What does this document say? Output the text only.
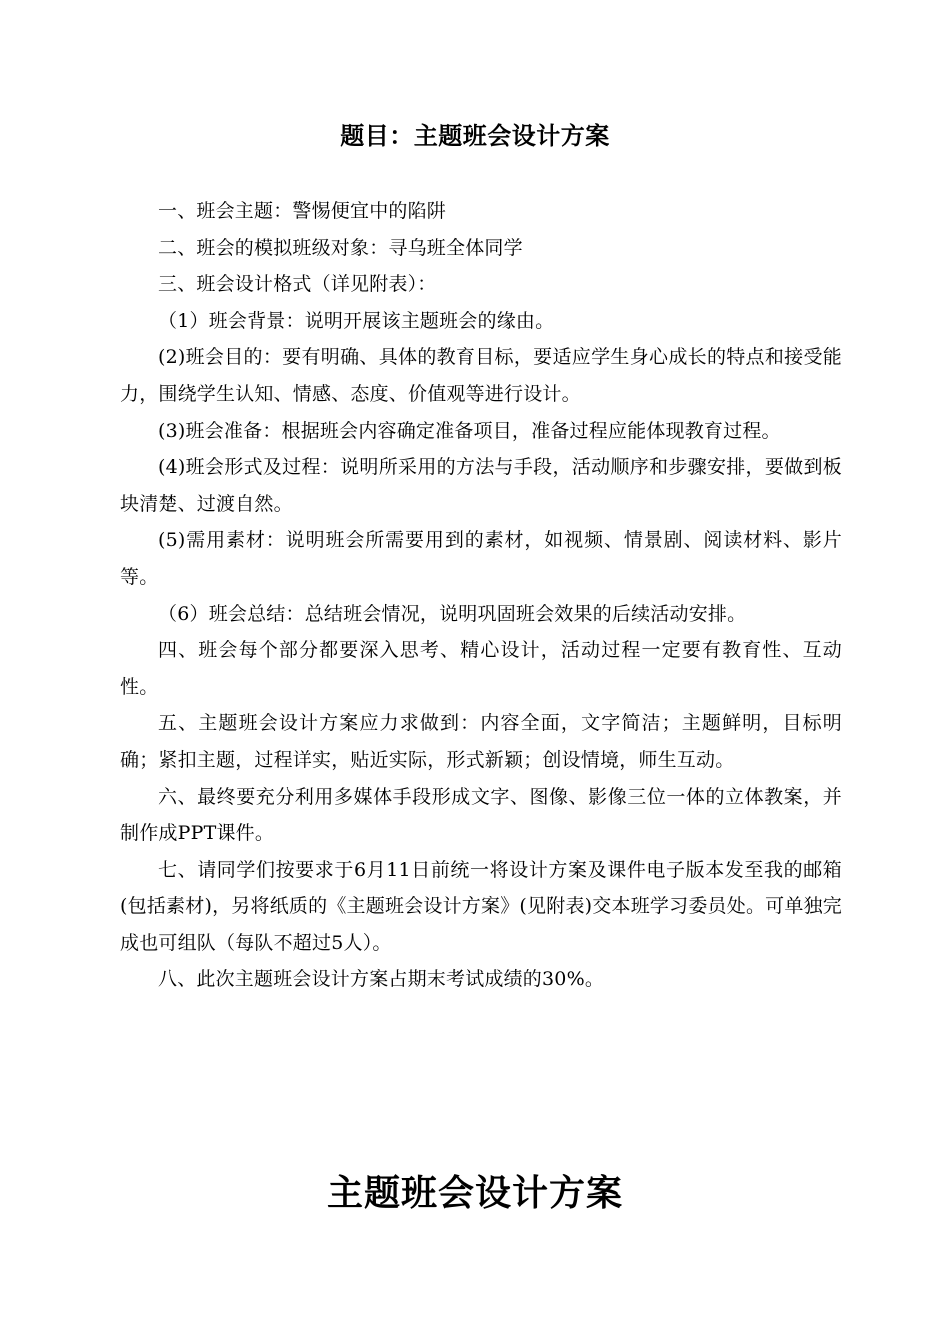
题目：主题班会设计方案

一、班会主题：警惕便宜中的陷阱

二、班会的模拟班级对象：寻乌班全体同学

三、班会设计格式（详见附表）：

（1）班会背景：说明开展该主题班会的缘由。

(2)班会目的：要有明确、具体的教育目标，要适应学生身心成长的特点和接受能力，围绕学生认知、情感、态度、价值观等进行设计。

(3)班会准备：根据班会内容确定准备项目，准备过程应能体现教育过程。

(4)班会形式及过程：说明所采用的方法与手段，活动顺序和步骤安排，要做到板块清楚、过渡自然。

(5)需用素材：说明班会所需要用到的素材，如视频、情景剧、阅读材料、影片等。

（6）班会总结：总结班会情况，说明巩固班会效果的后续活动安排。

四、班会每个部分都要深入思考、精心设计，活动过程一定要有教育性、互动性。

五、主题班会设计方案应力求做到：内容全面，文字简洁；主题鲜明，目标明确；紧扣主题，过程详实，贴近实际，形式新颖；创设情境，师生互动。

六、最终要充分利用多媒体手段形成文字、图像、影像三位一体的立体教案，并制作成PPT课件。

七、请同学们按要求于6月11日前统一将设计方案及课件电子版本发至我的邮箱(包括素材)，另将纸质的《主题班会设计方案》(见附表)交本班学习委员处。可单独完成也可组队（每队不超过5人）。

八、此次主题班会设计方案占期末考试成绩的30%。

主题班会设计方案
